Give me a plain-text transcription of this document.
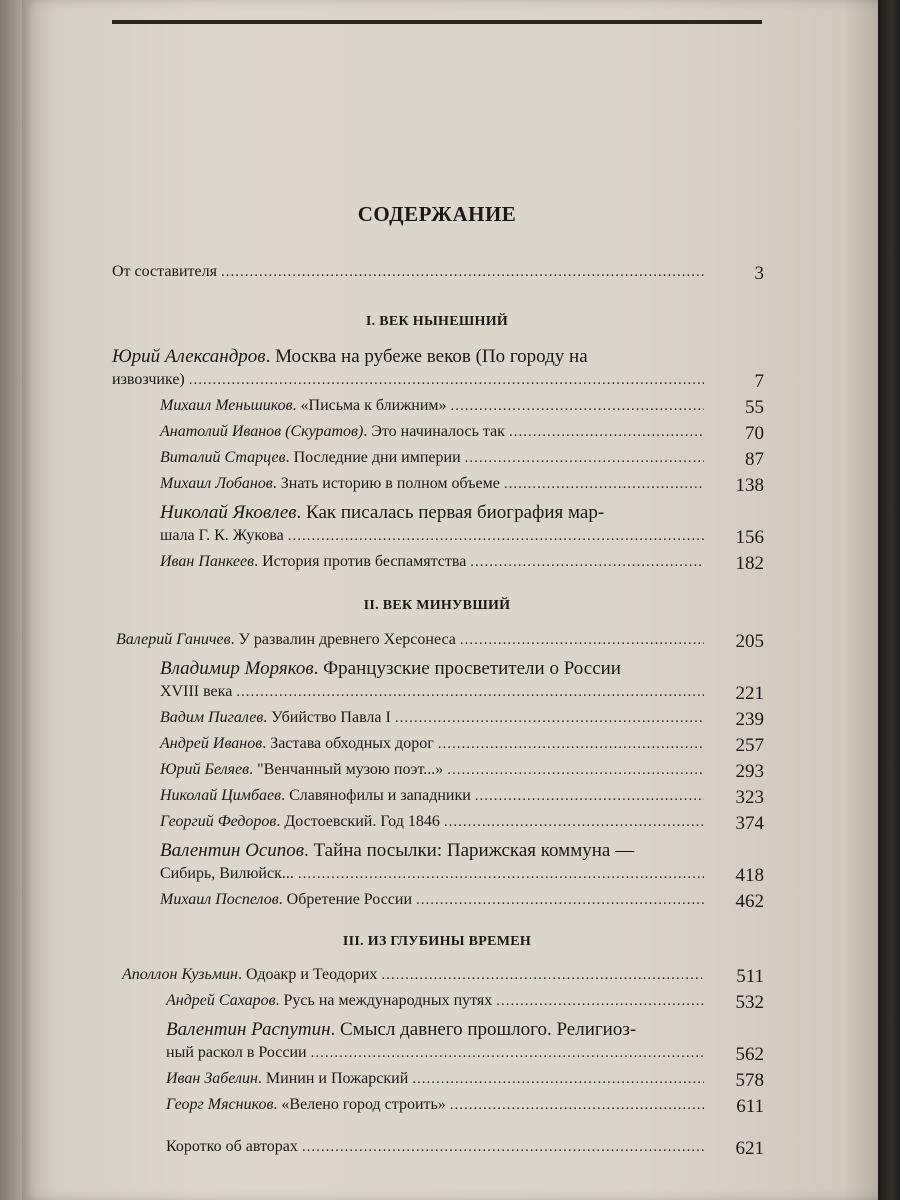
СОДЕРЖАНИЕ
От составителя .....	3
I. ВЕК НЫНЕШНИЙ
Юрий Александров. Москва на рубеже веков (По городу на
извозчике) .....	7
Михаил Меньшиков. «Письма к ближним» .....	55
Анатолий Иванов (Скуратов). Это начиналось так .....	70
Виталий Старцев. Последние дни империи .....	87
Михаил Лобанов. Знать историю в полном объеме .....	138
Николай Яковлев. Как писалась первая биография мар-
шала Г. К. Жукова .....	156
Иван Панкеев. История против беспамятства .....	182
II. ВЕК МИНУВШИЙ
Валерий Ганичев. У развалин древнего Херсонеса .....	205
Владимир Моряков. Французские просветители о России
XVIII века .....	221
Вадим Пигалев. Убийство Павла I .....	239
Андрей Иванов. Застава обходных дорог .....	257
Юрий Беляев. "Венчанный музою поэт...» .....	293
Николай Цимбаев. Славянофилы и западники .....	323
Георгий Федоров. Достоевский. Год 1846 .....	374
Валентин Осипов. Тайна посылки: Парижская коммуна —
Сибирь, Вилюйск... .....	418
Михаил Поспелов. Обретение России .....	462
III. ИЗ ГЛУБИНЫ ВРЕМЕН
Аполлон Кузьмин. Одоакр и Теодорих .....	511
Андрей Сахаров. Русь на международных путях .....	532
Валентин Распутин. Смысл давнего прошлого. Религиоз-
ный раскол в России .....	562
Иван Забелин. Минин и Пожарский .....	578
Георг Мясников. «Велено город строить» .....	611
Коротко об авторах .....	621
